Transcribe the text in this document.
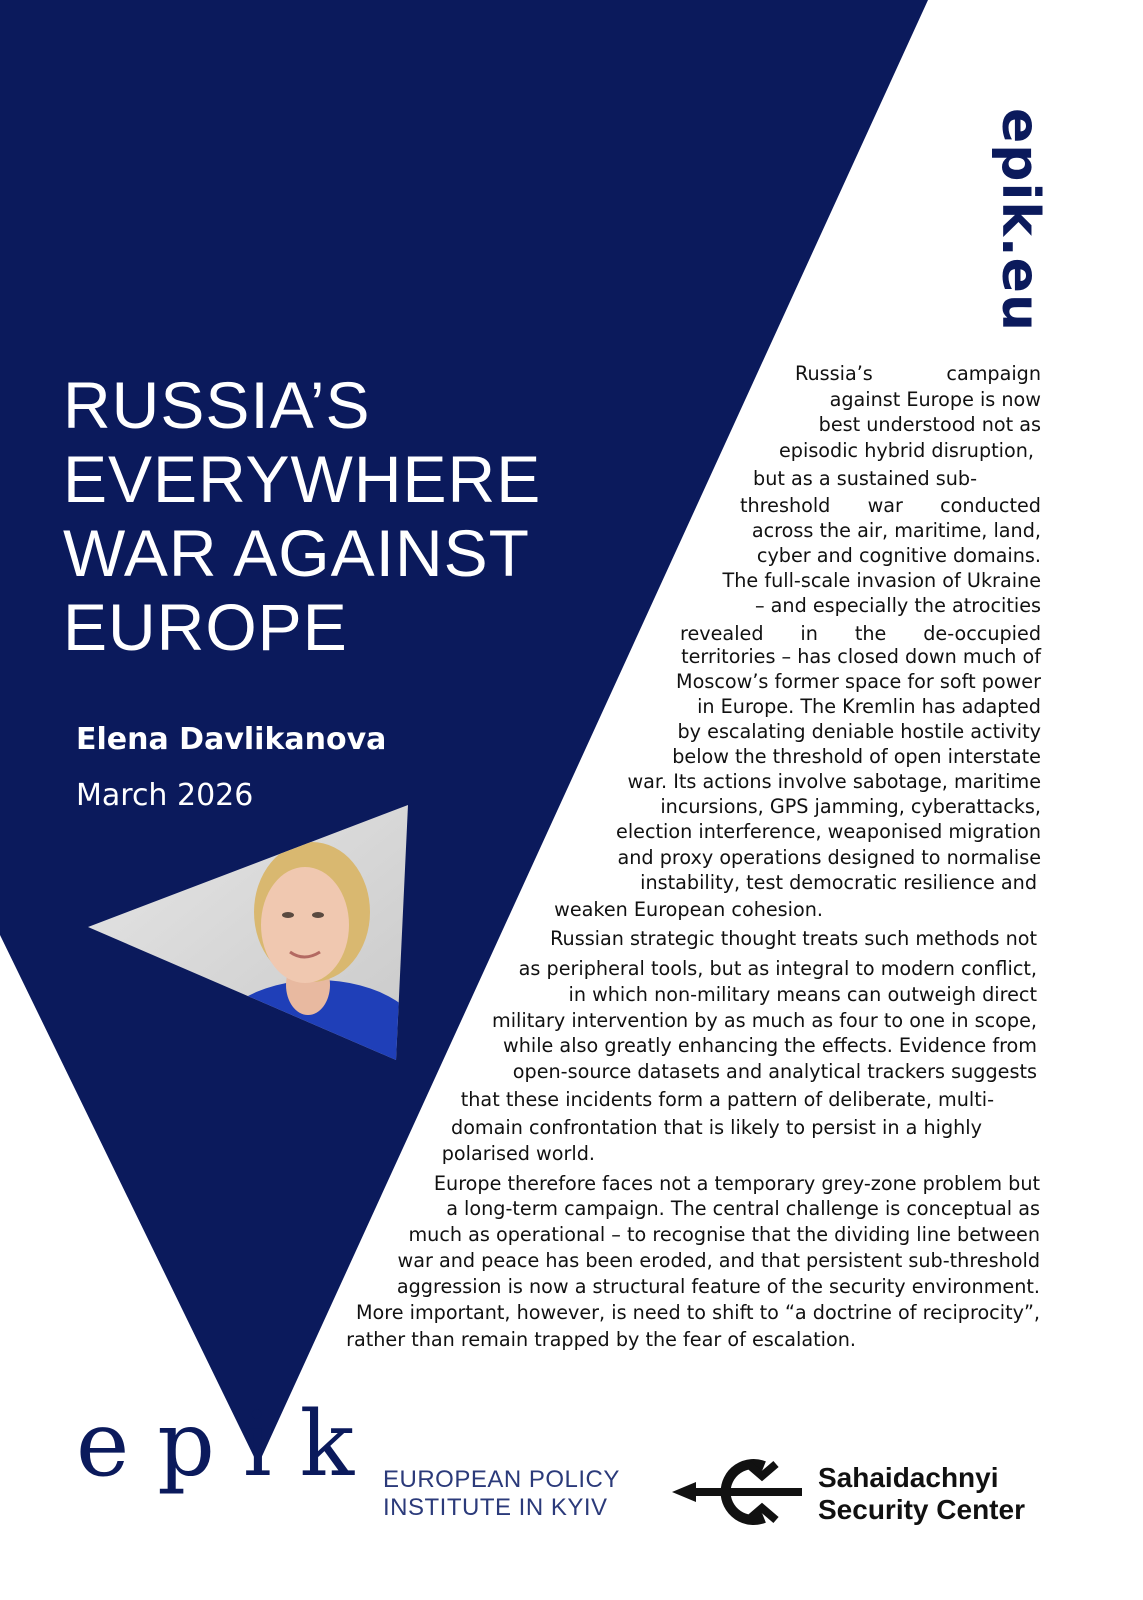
epik.eu
RUSSIA’S
EVERYWHERE
WAR AGAINST
EUROPE
Elena Davlikanova
March 2026
Russia’s	campaign
against Europe is now
best understood not as
episodic hybrid disruption,
but as a sustained sub-
threshold war conducted
across the air, maritime, land,
cyber and cognitive domains.
The full-scale invasion of Ukraine
– and especially the atrocities
revealed in the de-occupied
territories – has closed down much of
Moscow’s former space for soft power
in Europe. The Kremlin has adapted
by escalating deniable hostile activity
below the threshold of open interstate
war. Its actions involve sabotage, maritime
incursions, GPS jamming, cyberattacks,
election interference, weaponised migration
and proxy operations designed to normalise
instability, test democratic resilience and
weaken European cohesion.
Russian strategic thought treats such methods not
as peripheral tools, but as integral to modern conflict,
in which non-military means can outweigh direct
military intervention by as much as four to one in scope,
while also greatly enhancing the effects. Evidence from
open-source datasets and analytical trackers suggests
that these incidents form a pattern of deliberate, multi-
domain confrontation that is likely to persist in a highly
polarised world.
Europe therefore faces not a temporary grey-zone problem but
a long-term campaign. The central challenge is conceptual as
much as operational – to recognise that the dividing line between
war and peace has been eroded, and that persistent sub-threshold
aggression is now a structural feature of the security environment.
More important, however, is need to shift to “a doctrine of reciprocity”,
rather than remain trapped by the fear of escalation.
epik EUROPEAN POLICY
INSTITUTE IN KYIV
Sahaidachnyi
Security Center
